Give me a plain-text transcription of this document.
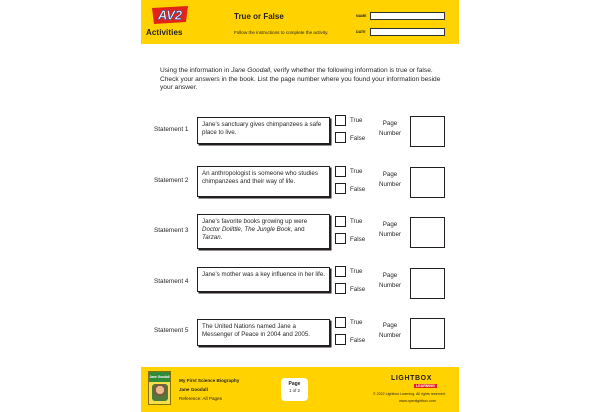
AV2
Activities
True or False
Follow the instructions to complete the activity.
NAME
DATE
Using the information in Jane Goodall, verify whether the following information is true or false. Check your answers in the book. List the page number where you found your information beside your answer.
Statement 1
Jane’s sanctuary gives chimpanzees a safe place to live.
True
False
Page
Number
Statement 2
An anthropologist is someone who studies chimpanzees and their way of life.
True
False
Page
Number
Statement 3
Jane’s favorite books growing up were Doctor Dolittle, The Jungle Book, and Tarzan.
True
False
Page
Number
Statement 4
Jane’s mother was a key influence in her life.	True
False
Page
Number
Statement 5
The United Nations named Jane a Messenger of Peace in 2004 and 2005.
True
False
Page
Number
Jane Goodall
My First Science Biography
Jane Goodall
Reference: All Pages
Page
1 of 2
LIGHTBOX
LEARNING
© 2022 Lightbox Learning. All rights reserved.
www.openlightbox.com
